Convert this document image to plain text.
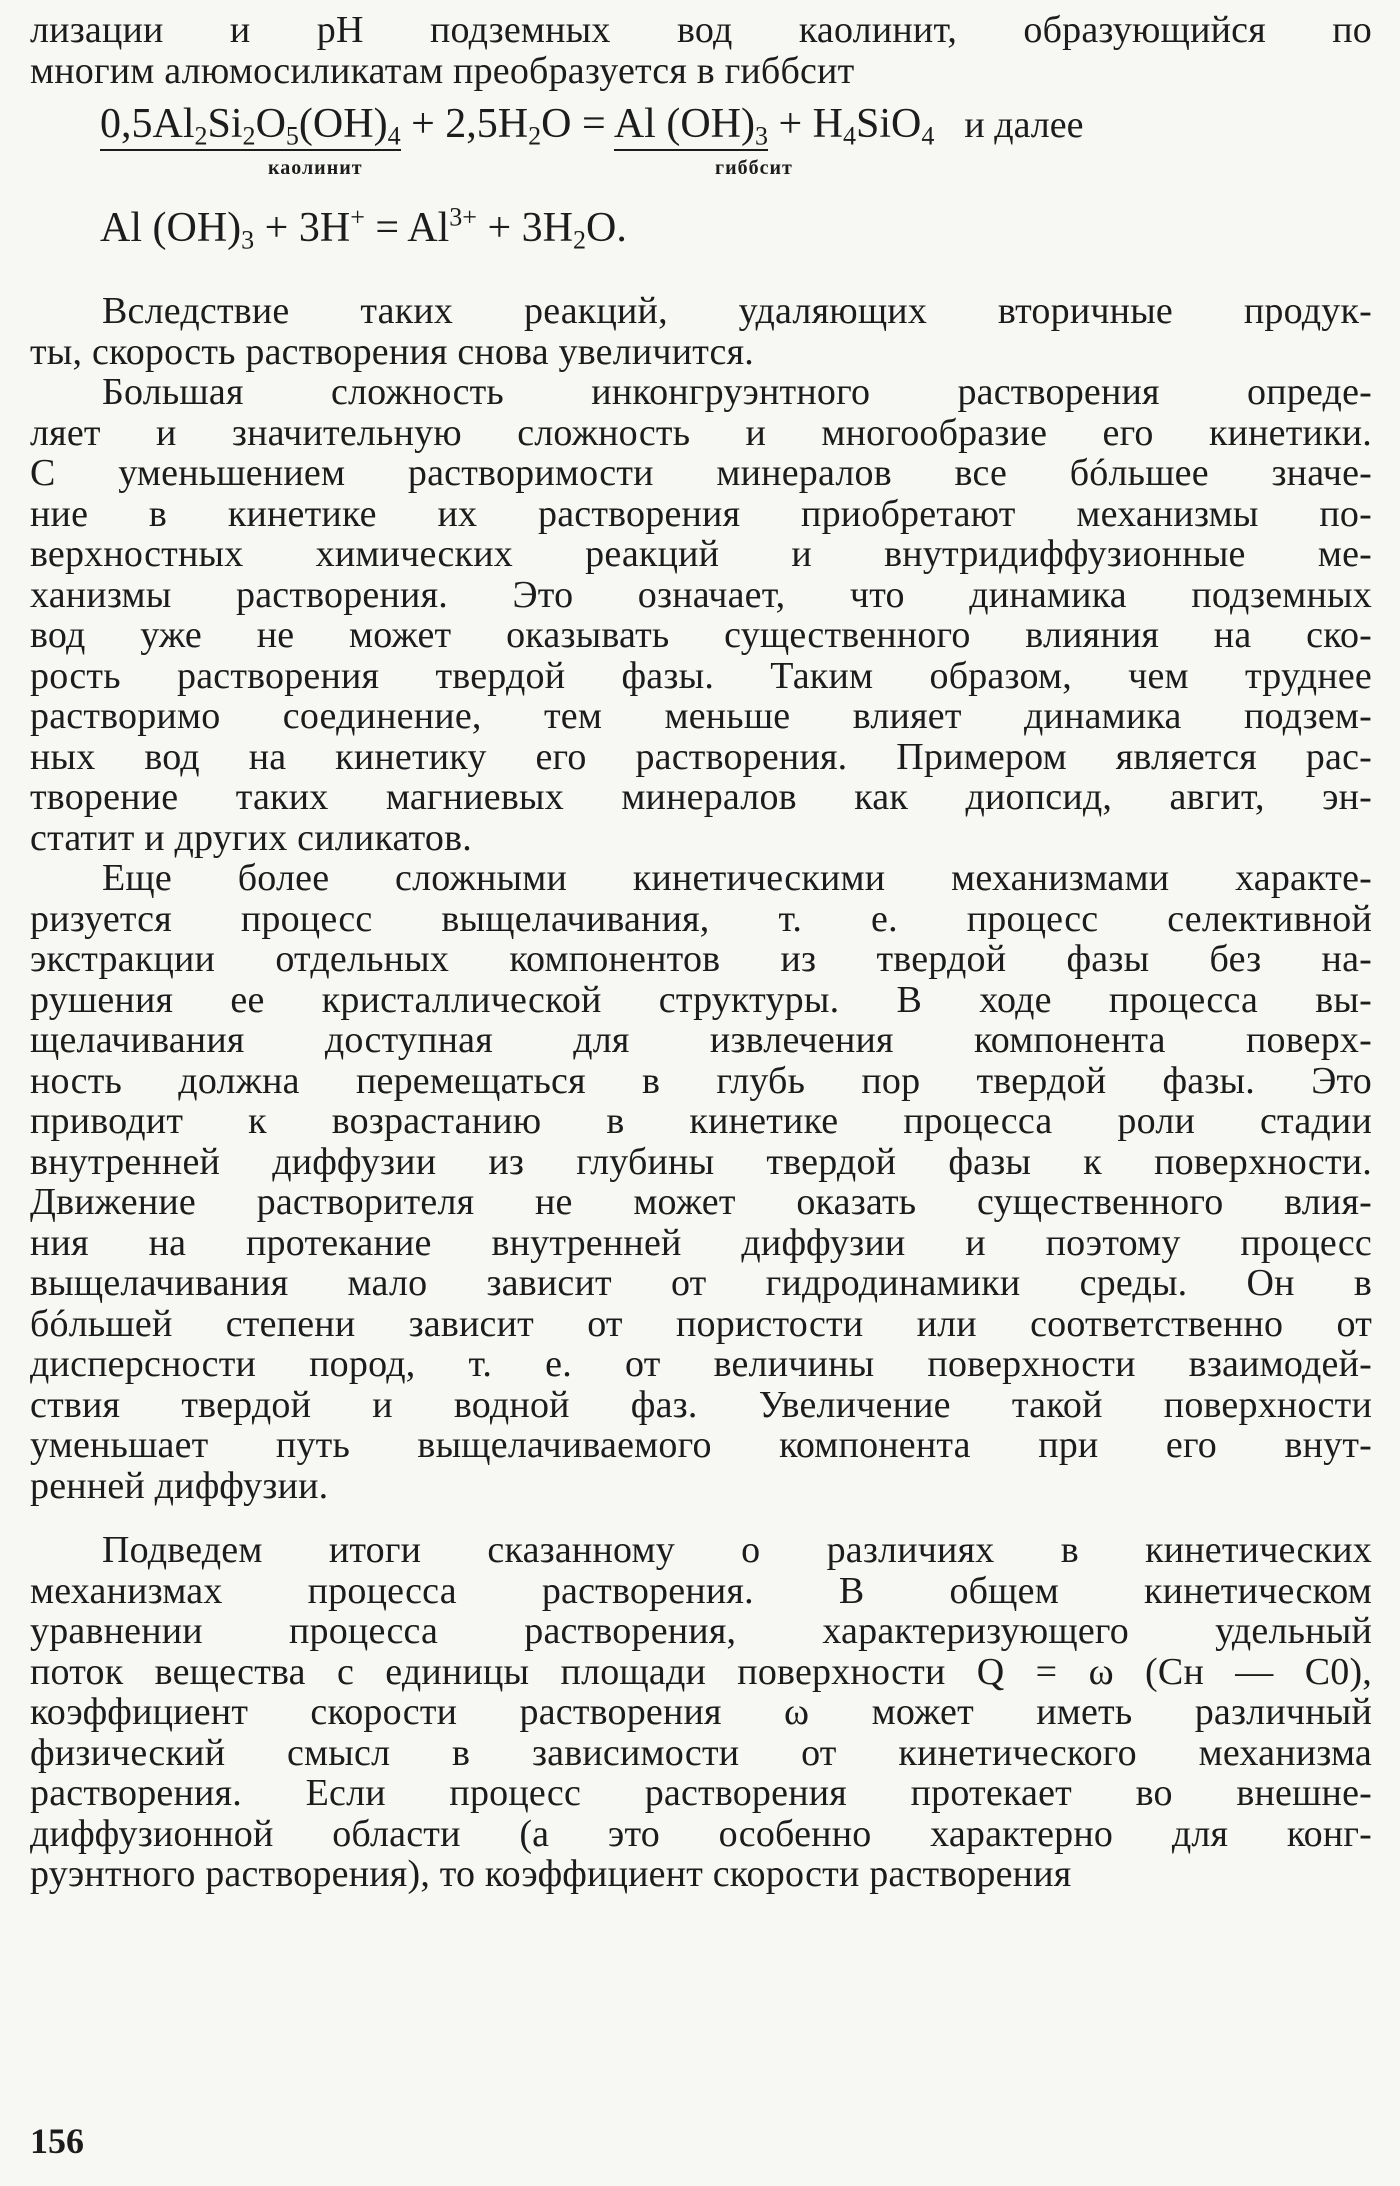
лизации и pH подземных вод каолинит, образующийся по
многим алюмосиликатам преобразуется в гиббсит
$0,5Al_2Si_2O_5(OH)_4 + 2,5H_2O = Al$ $(OH)_3 + H_4SiO_4$ и далее
каолинит	гиббсит
Al $(OH)_3 + 3H^+ = Al^{3+} + 3H_2O$.
Вследствие таких реакций, удаляющих вторичные продук-
ты, скорость растворения снова увеличится.
Большая сложность инконгруэнтного растворения опреде-
ляет и значительную сложность и многообразие его кинетики.
С уменьшением растворимости минералов все бóльшее значе-
ние в кинетике их растворения приобретают механизмы по-
верхностных химических реакций и внутридиффузионные ме-
ханизмы растворения. Это означает, что динамика подземных
вод уже не может оказывать существенного влияния на ско-
рость растворения твердой фазы. Таким образом, чем труднее
растворимо соединение, тем меньше влияет динамика подзем-
ных вод на кинетику его растворения. Примером является рас-
творение таких магниевых минералов как диопсид, авгит, эн-
статит и других силикатов.
Еще более сложными кинетическими механизмами характе-
ризуется процесс выщелачивания, т. е. процесс селективной
экстракции отдельных компонентов из твердой фазы без на-
рушения ее кристаллической структуры. В ходе процесса вы-
щелачивания доступная для извлечения компонента поверх-
ность должна перемещаться в глубь пор твердой фазы. Это
приводит к возрастанию в кинетике процесса роли стадии
внутренней диффузии из глубины твердой фазы к поверхности.
Движение растворителя не может оказать существенного влия-
ния на протекание внутренней диффузии и поэтому процесс
выщелачивания мало зависит от гидродинамики среды. Он в
бóльшей степени зависит от пористости или соответственно от
дисперсности пород, т. е. от величины поверхности взаимодей-
ствия твердой и водной фаз. Увеличение такой поверхности
уменьшает путь выщелачиваемого компонента при его внут-
ренней диффузии.
Подведем итоги сказанному о различиях в кинетических
механизмах процесса растворения. В общем кинетическом
уравнении процесса растворения, характеризующего удельный
поток вещества с единицы площади поверхности Q = ω (Cн — C0),
коэффициент скорости растворения ω может иметь различный
физический смысл в зависимости от кинетического механизма
растворения. Если процесс растворения протекает во внешне-
диффузионной области (а это особенно характерно для конг-
руэнтного растворения), то коэффициент скорости растворения
156
